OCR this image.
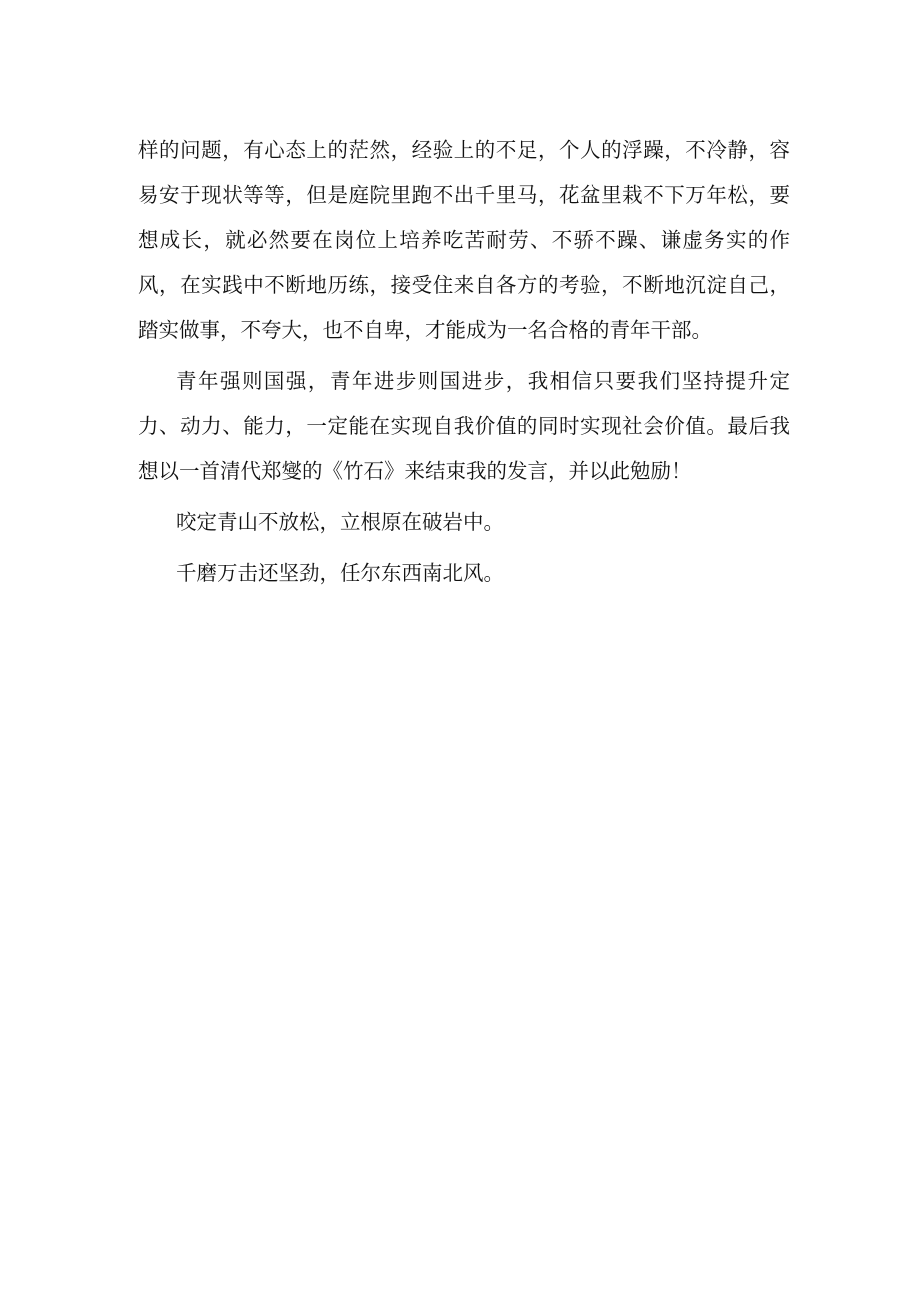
样的问题，有心态上的茫然，经验上的不足，个人的浮躁，不冷静，容易安于现状等等，但是庭院里跑不出千里马，花盆里栽不下万年松，要想成长，就必然要在岗位上培养吃苦耐劳、不骄不躁、谦虚务实的作风，在实践中不断地历练，接受住来自各方的考验，不断地沉淀自己，踏实做事，不夸大，也不自卑，才能成为一名合格的青年干部。

青年强则国强，青年进步则国进步，我相信只要我们坚持提升定力、动力、能力，一定能在实现自我价值的同时实现社会价值。最后我想以一首清代郑燮的《竹石》来结束我的发言，并以此勉励！

咬定青山不放松，立根原在破岩中。

千磨万击还坚劲，任尔东西南北风。
